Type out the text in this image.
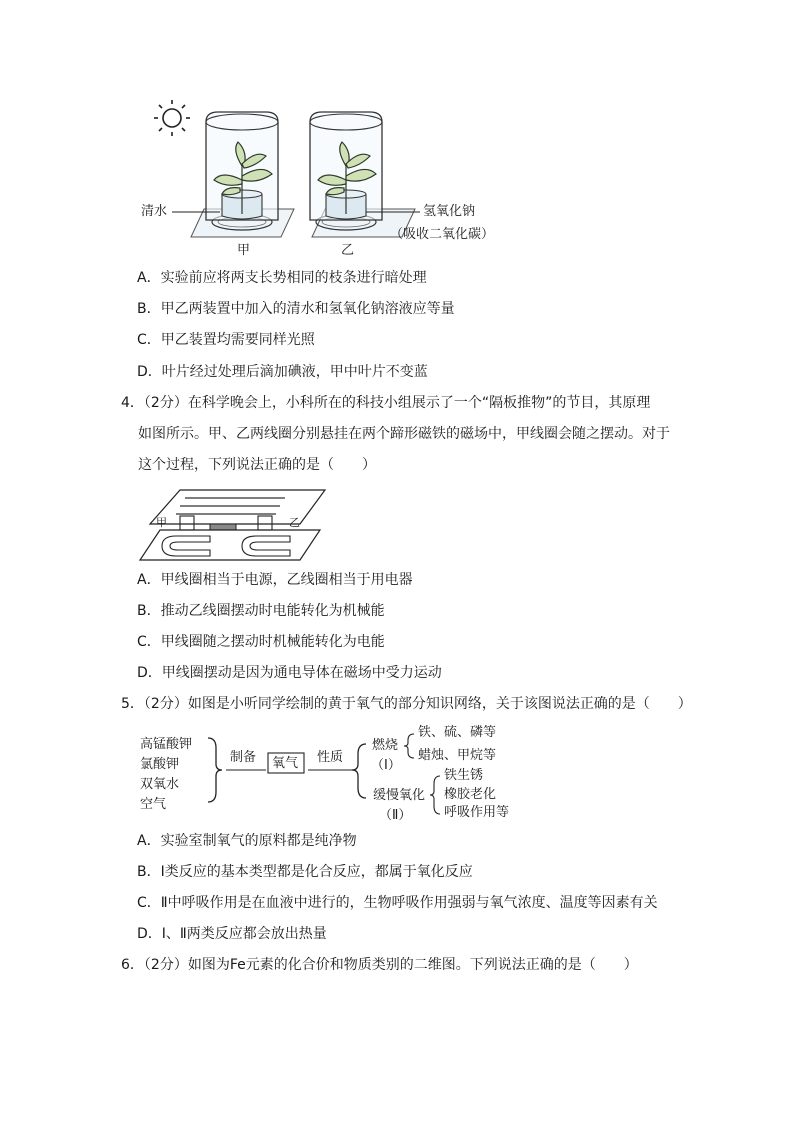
清水	氢氧化钠
（吸收二氧化碳）
甲	乙
A．实验前应将两支长势相同的枝条进行暗处理
B．甲乙两装置中加入的清水和氢氧化钠溶液应等量
C．甲乙装置均需要同样光照
D．叶片经过处理后滴加碘液，甲中叶片不变蓝
4．（2分）在科学晚会上，小科所在的科技小组展示了一个“隔板推物”的节目，其原理
如图所示。甲、乙两线圈分别悬挂在两个蹄形磁铁的磁场中，甲线圈会随之摆动。对于
这个过程，下列说法正确的是（　　）
甲	乙
A．甲线圈相当于电源，乙线圈相当于用电器
B．推动乙线圈摆动时电能转化为机械能
C．甲线圈随之摆动时机械能转化为电能
D．甲线圈摆动是因为通电导体在磁场中受力运动
5．（2分）如图是小听同学绘制的黄于氧气的部分知识网络，关于该图说法正确的是（　　）
高锰酸钾
氯酸钾
双氧水
空气
制备 氧气 性质
燃烧
（Ⅰ）
铁、硫、磷等
蜡烛、甲烷等
缓慢氧化
（Ⅱ）
铁生锈
橡胶老化
呼吸作用等
A．实验室制氧气的原料都是纯净物
B．Ⅰ类反应的基本类型都是化合反应，都属于氧化反应
C．Ⅱ中呼吸作用是在血液中进行的，生物呼吸作用强弱与氧气浓度、温度等因素有关
D．Ⅰ、Ⅱ两类反应都会放出热量
6．（2分）如图为Fe元素的化合价和物质类别的二维图。下列说法正确的是（　　）
